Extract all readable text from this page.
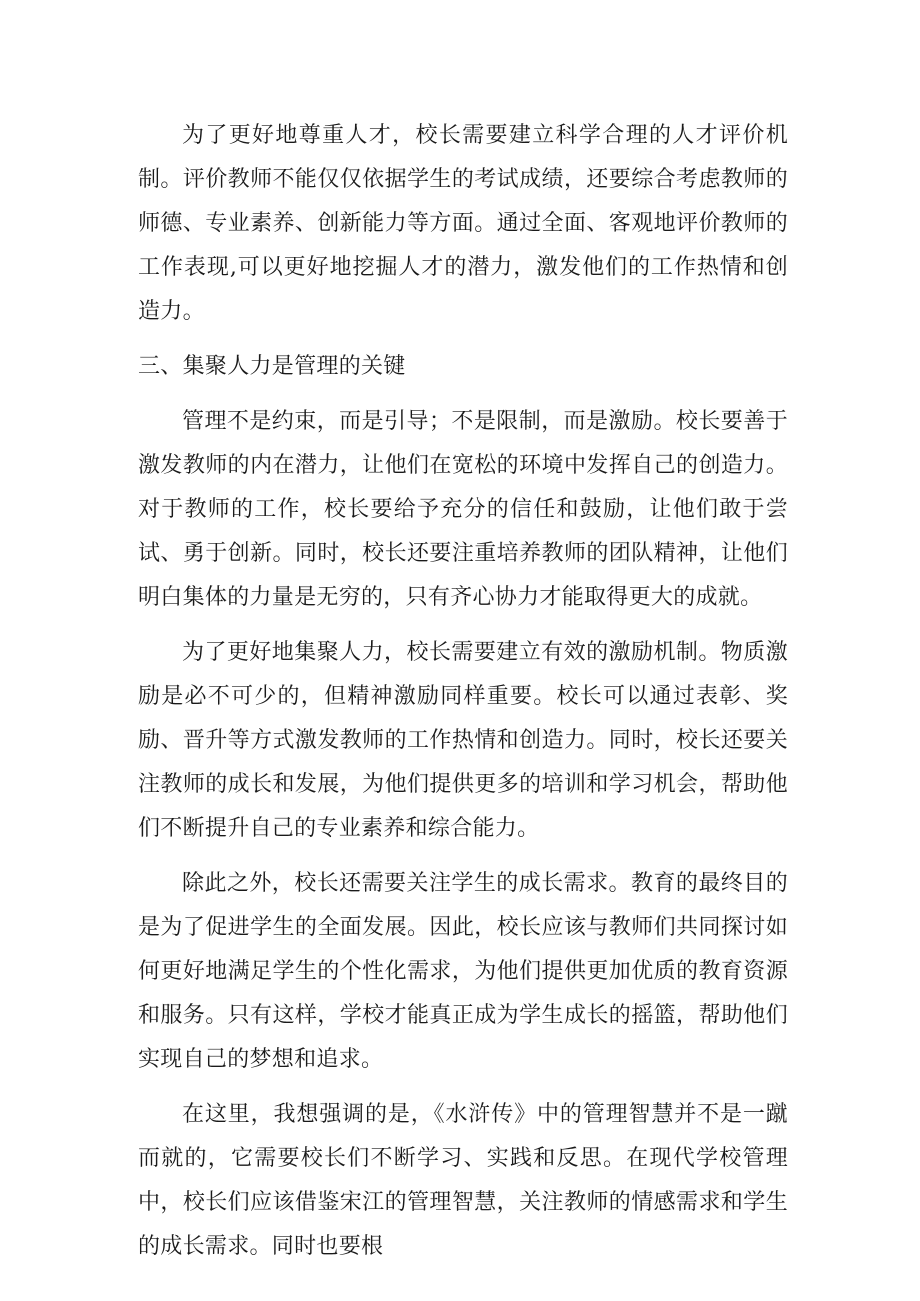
为了更好地尊重人才，校长需要建立科学合理的人才评价机制。评价教师不能仅仅依据学生的考试成绩，还要综合考虑教师的师德、专业素养、创新能力等方面。通过全面、客观地评价教师的工作表现,可以更好地挖掘人才的潜力，激发他们的工作热情和创造力。

三、集聚人力是管理的关键

管理不是约束，而是引导；不是限制，而是激励。校长要善于激发教师的内在潜力，让他们在宽松的环境中发挥自己的创造力。对于教师的工作，校长要给予充分的信任和鼓励，让他们敢于尝试、勇于创新。同时，校长还要注重培养教师的团队精神，让他们明白集体的力量是无穷的，只有齐心协力才能取得更大的成就。

为了更好地集聚人力，校长需要建立有效的激励机制。物质激励是必不可少的，但精神激励同样重要。校长可以通过表彰、奖励、晋升等方式激发教师的工作热情和创造力。同时，校长还要关注教师的成长和发展，为他们提供更多的培训和学习机会，帮助他们不断提升自己的专业素养和综合能力。

除此之外，校长还需要关注学生的成长需求。教育的最终目的是为了促进学生的全面发展。因此，校长应该与教师们共同探讨如何更好地满足学生的个性化需求，为他们提供更加优质的教育资源和服务。只有这样，学校才能真正成为学生成长的摇篮，帮助他们实现自己的梦想和追求。

在这里，我想强调的是，《水浒传》中的管理智慧并不是一蹴而就的，它需要校长们不断学习、实践和反思。在现代学校管理中，校长们应该借鉴宋江的管理智慧，关注教师的情感需求和学生的成长需求。同时也要根
